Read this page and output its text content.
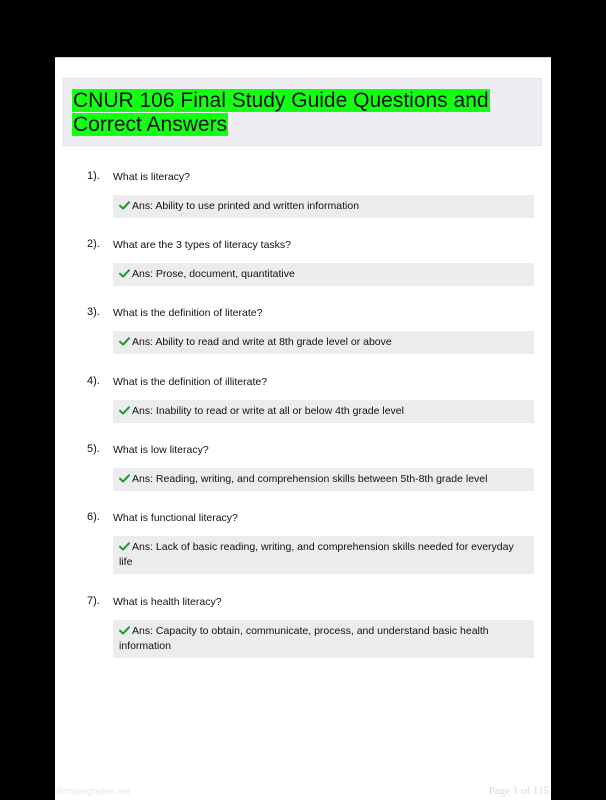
CNUR 106 Final Study Guide Questions and Correct Answers
1). What is literacy?
Ans: Ability to use printed and written information
2). What are the 3 types of literacy tasks?
Ans: Prose, document, quantitative
3). What is the definition of literate?
Ans: Ability to read and write at 8th grade level or above
4). What is the definition of illiterate?
Ans: Inability to read or write at all or below 4th grade level
5). What is low literacy?
Ans: Reading, writing, and comprehension skills between 5th-8th grade level
6). What is functional literacy?
Ans: Lack of basic reading, writing, and comprehension skills needed for everyday life
7). What is health literacy?
Ans: Capacity to obtain, communicate, process, and understand basic health information
Browsegrades.net	Page 1 of 115
